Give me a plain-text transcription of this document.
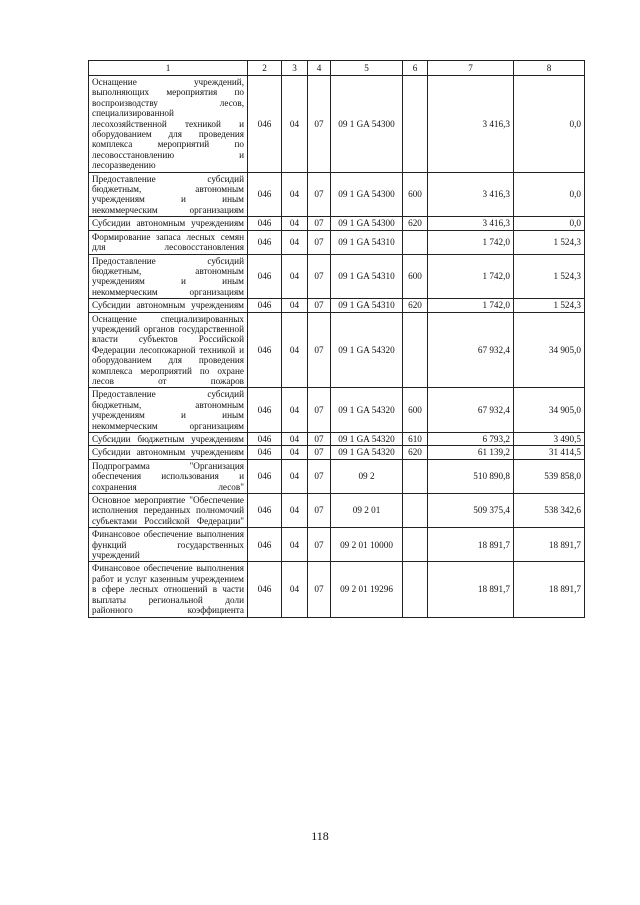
1	2	3	4	5	6	7	8
Оснащение учреждений, выполняющих мероприятия по воспроизводству лесов, специализированной лесохозяйственной техникой и оборудованием для проведения комплекса мероприятий по лесовосстановлению и лесоразведению	046	04	07	09 1 GA 54300		3 416,3	0,0
Предоставление субсидий бюджетным, автономным учреждениям и иным некоммерческим организациям	046	04	07	09 1 GA 54300	600	3 416,3	0,0
Субсидии автономным учреждениям	046	04	07	09 1 GA 54300	620	3 416,3	0,0
Формирование запаса лесных семян для лесовосстановления	046	04	07	09 1 GA 54310		1 742,0	1 524,3
Предоставление субсидий бюджетным, автономным учреждениям и иным некоммерческим организациям	046	04	07	09 1 GA 54310	600	1 742,0	1 524,3
Субсидии автономным учреждениям	046	04	07	09 1 GA 54310	620	1 742,0	1 524,3
Оснащение специализированных учреждений органов государственной власти субъектов Российской Федерации лесопожарной техникой и оборудованием для проведения комплекса мероприятий по охране лесов от пожаров	046	04	07	09 1 GA 54320		67 932,4	34 905,0
Предоставление субсидий бюджетным, автономным учреждениям и иным некоммерческим организациям	046	04	07	09 1 GA 54320	600	67 932,4	34 905,0
Субсидии бюджетным учреждениям	046	04	07	09 1 GA 54320	610	6 793,2	3 490,5
Субсидии автономным учреждениям	046	04	07	09 1 GA 54320	620	61 139,2	31 414,5
Подпрограмма "Организация обеспечения использования и сохранения лесов"	046	04	07	09 2		510 890,8	539 858,0
Основное мероприятие "Обеспечение исполнения переданных полномочий субъектами Российской Федерации"	046	04	07	09 2 01		509 375,4	538 342,6
Финансовое обеспечение выполнения функций государственных учреждений	046	04	07	09 2 01 10000		18 891,7	18 891,7
Финансовое обеспечение выполнения работ и услуг казенным учреждением в сфере лесных отношений в части выплаты региональной доли районного коэффициента	046	04	07	09 2 01 19296		18 891,7	18 891,7
118
